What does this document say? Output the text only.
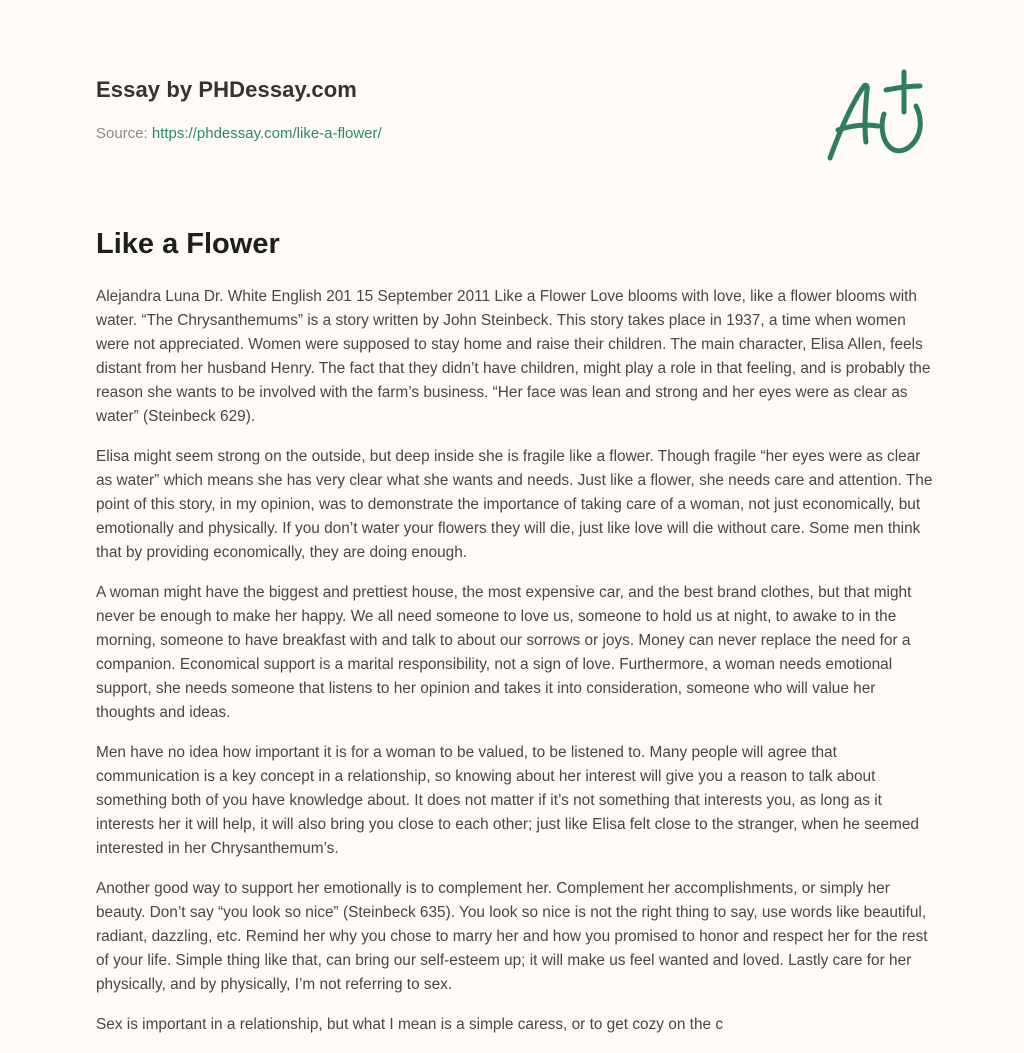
Essay by PHDessay.com
Source: https://phdessay.com/like-a-flower/
Like a Flower

Alejandra Luna Dr. White English 201 15 September 2011 Like a Flower Love blooms with love, like a flower blooms with water. “The Chrysanthemums” is a story written by John Steinbeck. This story takes place in 1937, a time when women were not appreciated. Women were supposed to stay home and raise their children. The main character, Elisa Allen, feels distant from her husband Henry. The fact that they didn’t have children, might play a role in that feeling, and is probably the reason she wants to be involved with the farm’s business. “Her face was lean and strong and her eyes were as clear as water” (Steinbeck 629).

Elisa might seem strong on the outside, but deep inside she is fragile like a flower. Though fragile “her eyes were as clear as water” which means she has very clear what she wants and needs. Just like a flower, she needs care and attention. The point of this story, in my opinion, was to demonstrate the importance of taking care of a woman, not just economically, but emotionally and physically. If you don’t water your flowers they will die, just like love will die without care. Some men think that by providing economically, they are doing enough.

A woman might have the biggest and prettiest house, the most expensive car, and the best brand clothes, but that might never be enough to make her happy. We all need someone to love us, someone to hold us at night, to awake to in the morning, someone to have breakfast with and talk to about our sorrows or joys. Money can never replace the need for a companion. Economical support is a marital responsibility, not a sign of love. Furthermore, a woman needs emotional support, she needs someone that listens to her opinion and takes it into consideration, someone who will value her thoughts and ideas.

Men have no idea how important it is for a woman to be valued, to be listened to. Many people will agree that communication is a key concept in a relationship, so knowing about her interest will give you a reason to talk about something both of you have knowledge about. It does not matter if it’s not something that interests you, as long as it interests her it will help, it will also bring you close to each other; just like Elisa felt close to the stranger, when he seemed interested in her Chrysanthemum’s.

Another good way to support her emotionally is to complement her. Complement her accomplishments, or simply her beauty. Don’t say “you look so nice” (Steinbeck 635). You look so nice is not the right thing to say, use words like beautiful, radiant, dazzling, etc. Remind her why you chose to marry her and how you promised to honor and respect her for the rest of your life. Simple thing like that, can bring our self-esteem up; it will make us feel wanted and loved. Lastly care for her physically, and by physically, I’m not referring to sex.

Sex is important in a relationship, but what I mean is a simple caress, or to get cozy on the c
